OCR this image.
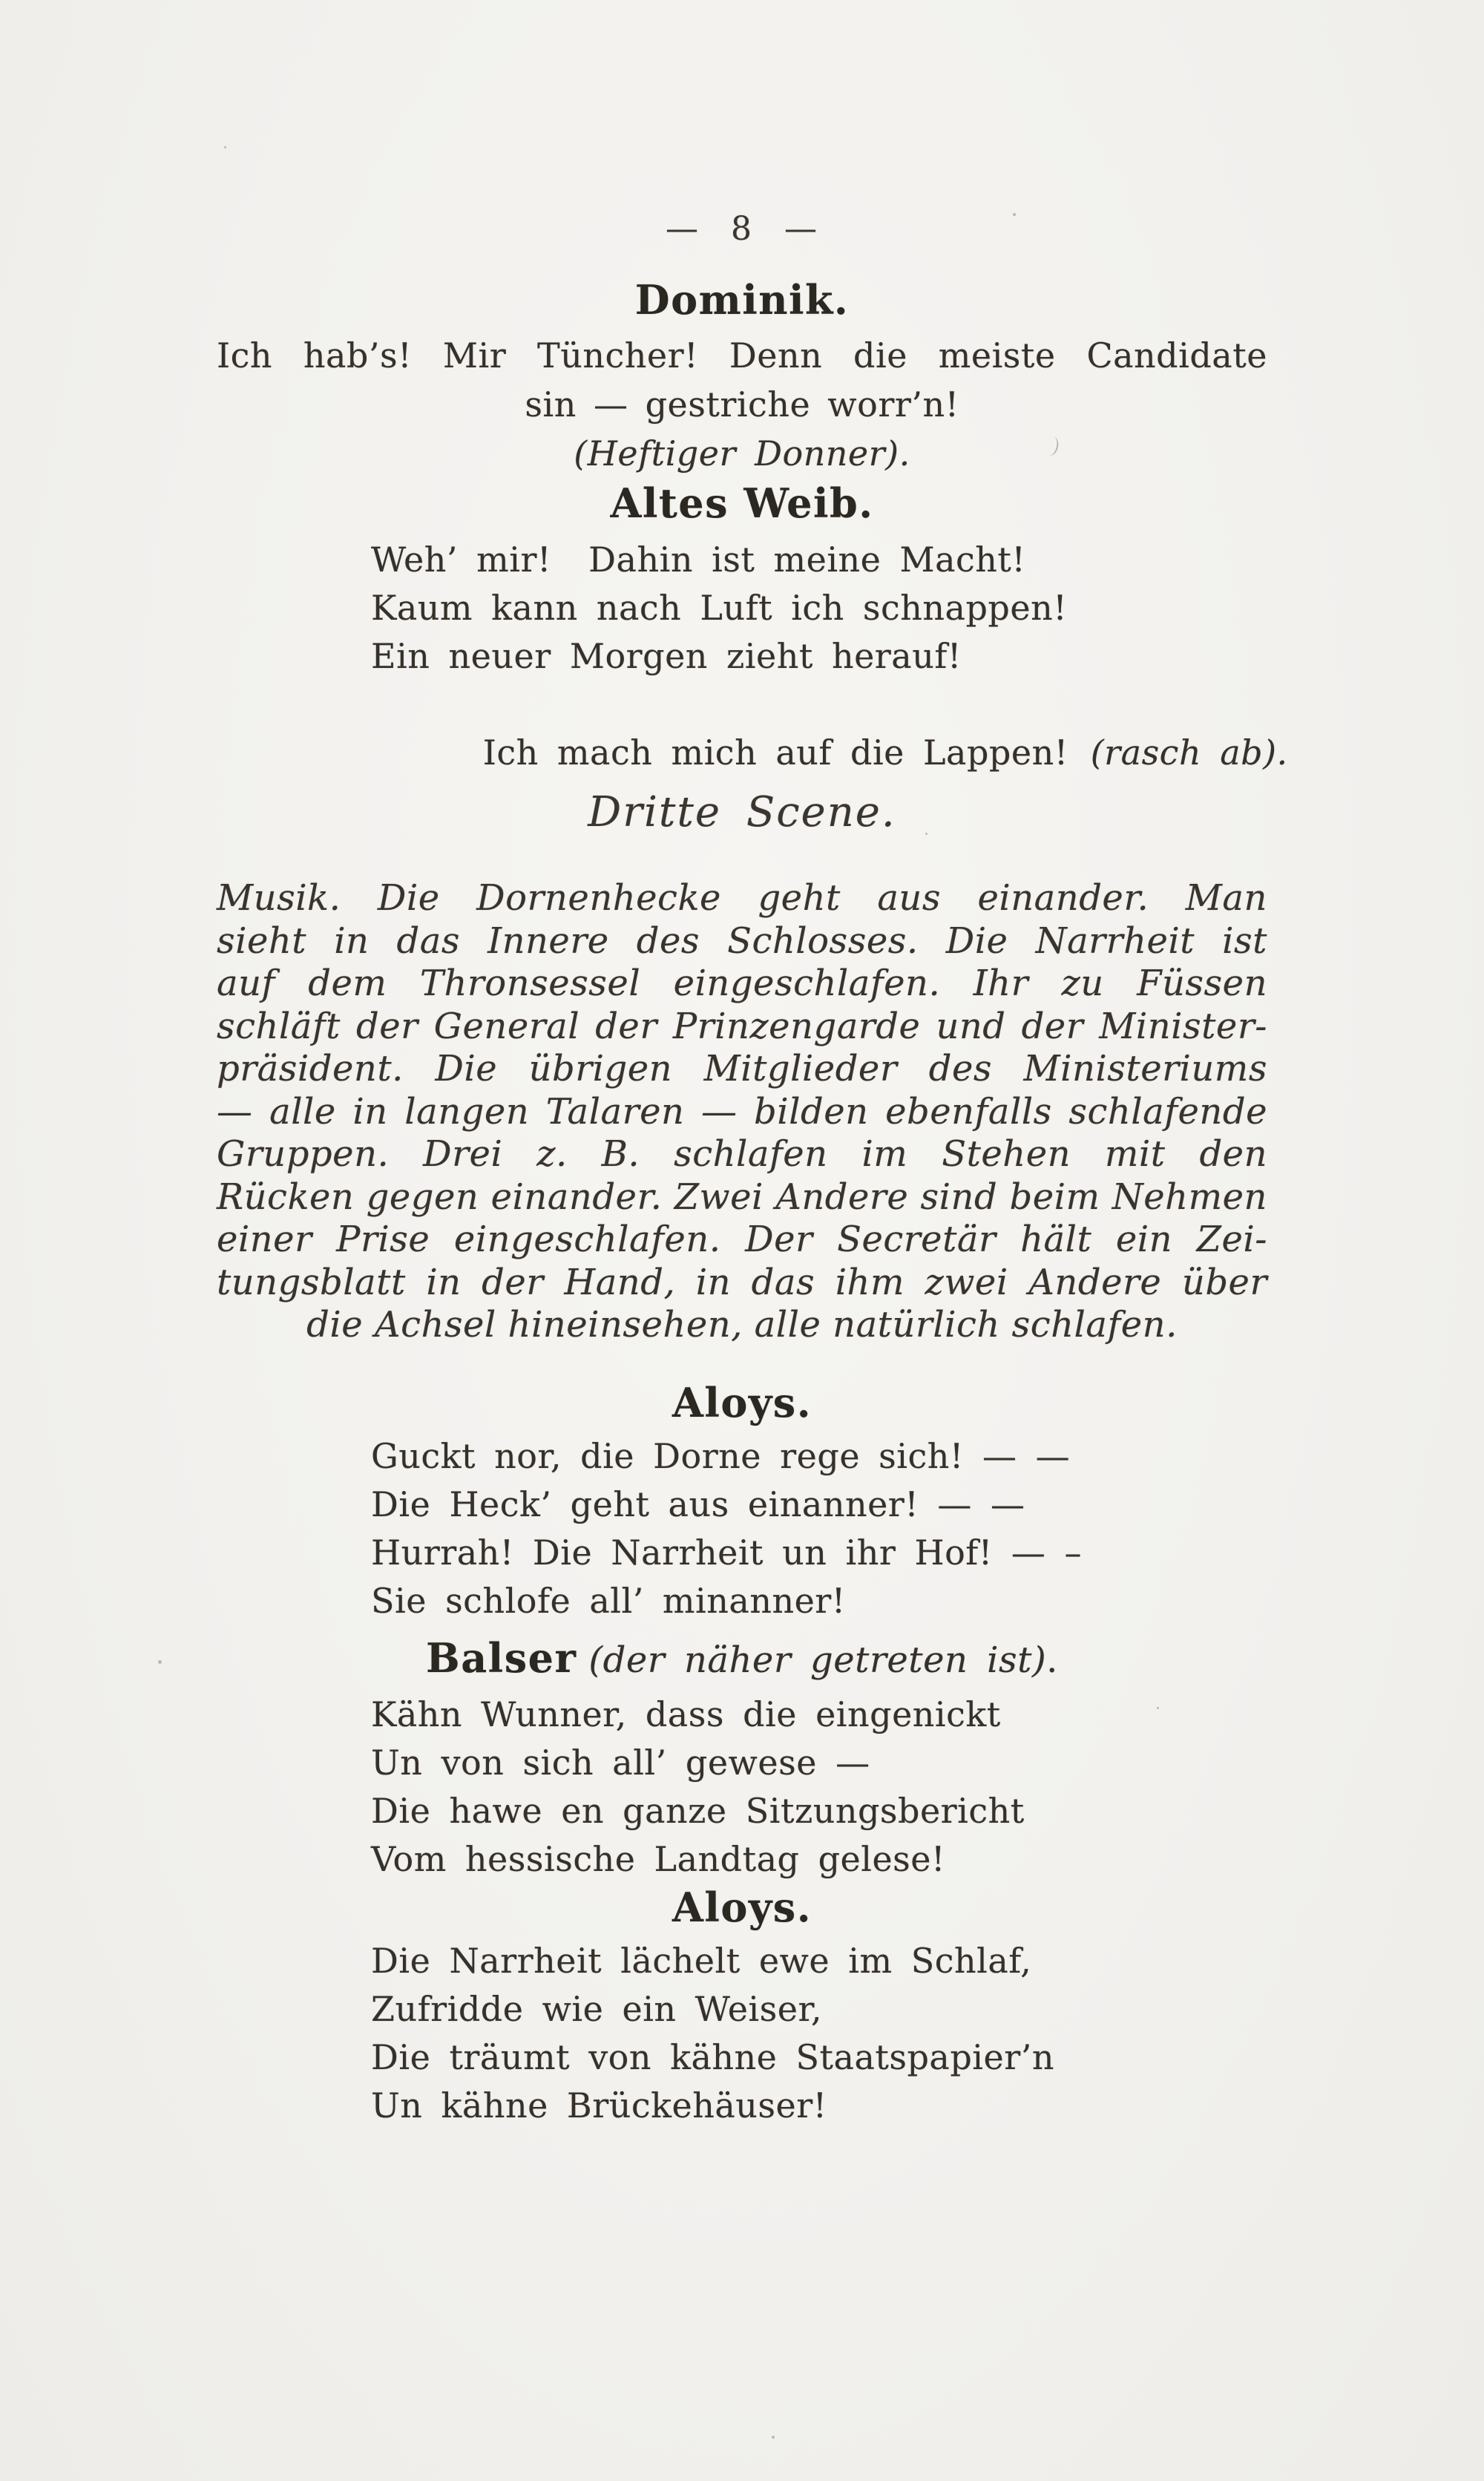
— 8 —
Dominik.
Ich hab’s! Mir Tüncher! Denn die meiste Candidate
sin — gestriche worr’n!
(Heftiger Donner).
Altes Weib.
Weh’ mir!  Dahin ist meine Macht!
Kaum kann nach Luft ich schnappen!
Ein neuer Morgen zieht herauf!

Ich mach mich auf die Lappen! (rasch ab).

Dritte Scene.
Musik. Die Dornenhecke geht aus einander. Man
sieht in das Innere des Schlosses. Die Narrheit ist
auf dem Thronsessel eingeschlafen. Ihr zu Füssen
schläft der General der Prinzengarde und der Minister-
präsident. Die übrigen Mitglieder des Ministeriums
— alle in langen Talaren — bilden ebenfalls schlafende
Gruppen. Drei z. B. schlafen im Stehen mit den
Rücken gegen einander. Zwei Andere sind beim Nehmen
einer Prise eingeschlafen. Der Secretär hält ein Zei-
tungsblatt in der Hand, in das ihm zwei Andere über
die Achsel hineinsehen, alle natürlich schlafen.
Aloys.
Guckt nor, die Dorne rege sich! — —
Die Heck’ geht aus einanner! — —
Hurrah! Die Narrheit un ihr Hof! — –
Sie schlofe all’ minanner!
Balser (der näher getreten ist).
Kähn Wunner, dass die eingenickt
Un von sich all’ gewese —
Die hawe en ganze Sitzungsbericht
Vom hessische Landtag gelese!
Aloys.
Die Narrheit lächelt ewe im Schlaf,
Zufridde wie ein Weiser,
Die träumt von kähne Staatspapier’n
Un kähne Brückehäuser!
